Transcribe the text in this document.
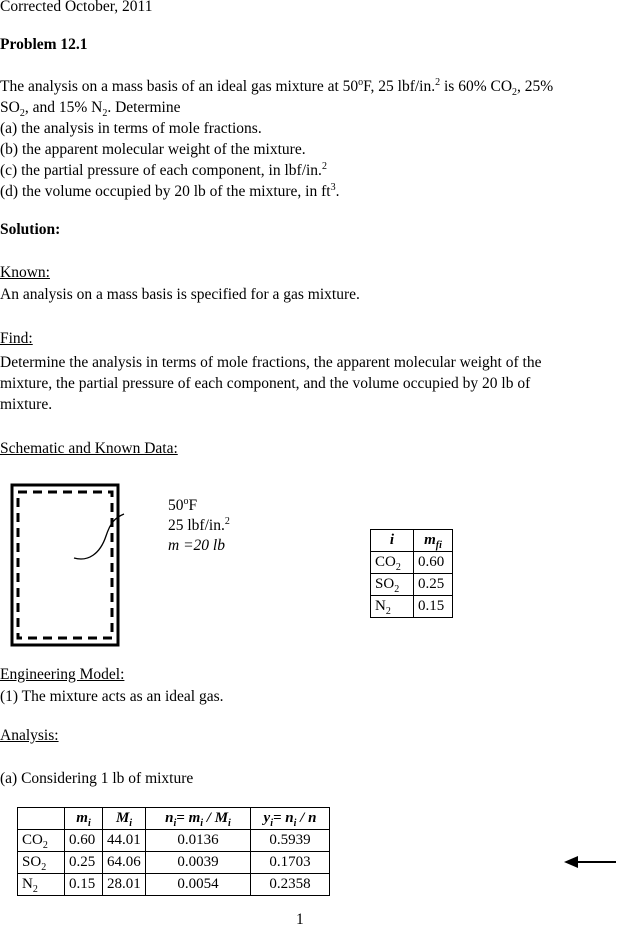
Corrected October, 2011
Problem 12.1
The analysis on a mass basis of an ideal gas mixture at 50$^o$F, 25 lbf/in.$^2$ is 60% $CO_2$, 25%
$SO_2$, and 15% $N_2$. Determine
(a) the analysis in terms of mole fractions.
(b) the apparent molecular weight of the mixture.
(c) the partial pressure of each component, in lbf/in.$^2$
(d) the volume occupied by 20 lb of the mixture, in $ft^3$.
Solution:
Known:
An analysis on a mass basis is specified for a gas mixture.
Find:
Determine the analysis in terms of mole fractions, the apparent molecular weight of the
mixture, the partial pressure of each component, and the volume occupied by 20 lb of
mixture.
Schematic and Known Data:
50$^o$F
25 lbf/in.$^2$
m =20 lb	i	$m_{fi}$
$CO_2$	0.60
$SO_2$	0.25
$N_2$	0.15
Engineering Model:
(1) The mixture acts as an ideal gas.
Analysis:
(a) Considering 1 lb of mixture
	$m_i$	$M_i$	$n_i= m_i / M_i$	$y_i= n_i / n$
$CO_2$	0.60	44.01	0.0136	0.5939
$SO_2$	0.25	64.06	0.0039	0.1703
$N_2$	0.15	28.01	0.0054	0.2358
1
